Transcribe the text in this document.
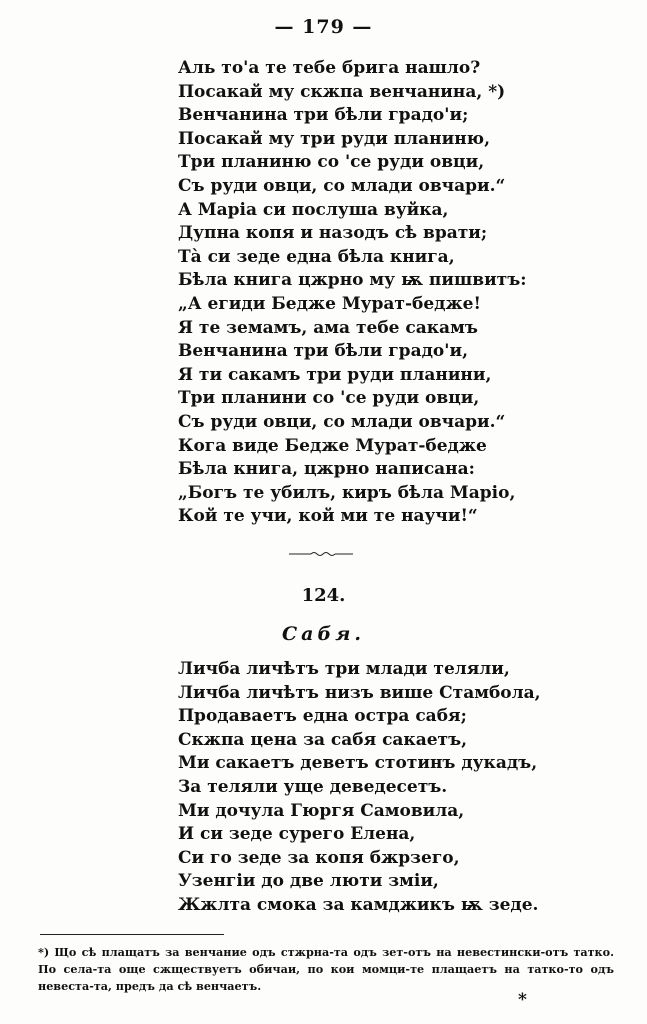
— 179 —
Аль то'а те тебе брига нашло?
Посакай му скжпа венчанина, *)
Венчанина три бѣли градо'и;
Посакай му три руди планиню,
Три планиню со 'се руди овци,
Съ руди овци, со млади овчари.“
А Маріа си послуша вуйка,
Дупна копя и назодъ сѣ врати;
Тà си зеде една бѣла книга,
Бѣла книга цжрно му ѭ пишвитъ:
„А егиди Бедже Мурат-бедже!
Я те земамъ, ама тебе сакамъ
Венчанина три бѣли градо'и,
Я ти сакамъ три руди планини,
Три планини со 'се руди овци,
Съ руди овци, со млади овчари.“
Кога виде Бедже Мурат-бедже
Бѣла книга, цжрно написана:
„Богъ те убилъ, киръ бѣла Маріо,
Кой те учи, кой ми те научи!“
124.
Сабя.
Личба личѣтъ три млади теляли,
Личба личѣтъ низъ више Стамбола,
Продаваетъ една остра сабя;
Скжпа цена за сабя сакаетъ,
Ми сакаетъ деветъ стотинъ дукадъ,
За теляли уще деведесетъ.
Ми дочула Гюргя Самовила,
И си зеде сурего Елена,
Си го зеде за копя бжрзего,
Узенгіи до две люти зміи,
Жжлта смока за камджикъ ѭ зеде.
*) Що сѣ плащатъ за венчание одъ стжрна-та одъ зет-отъ на невестински-отъ татко. По села-та още сжществуетъ обичаи, по кои момци-те плащаетъ на татко-то одъ невеста-та, предъ да сѣ венчаетъ.
*
